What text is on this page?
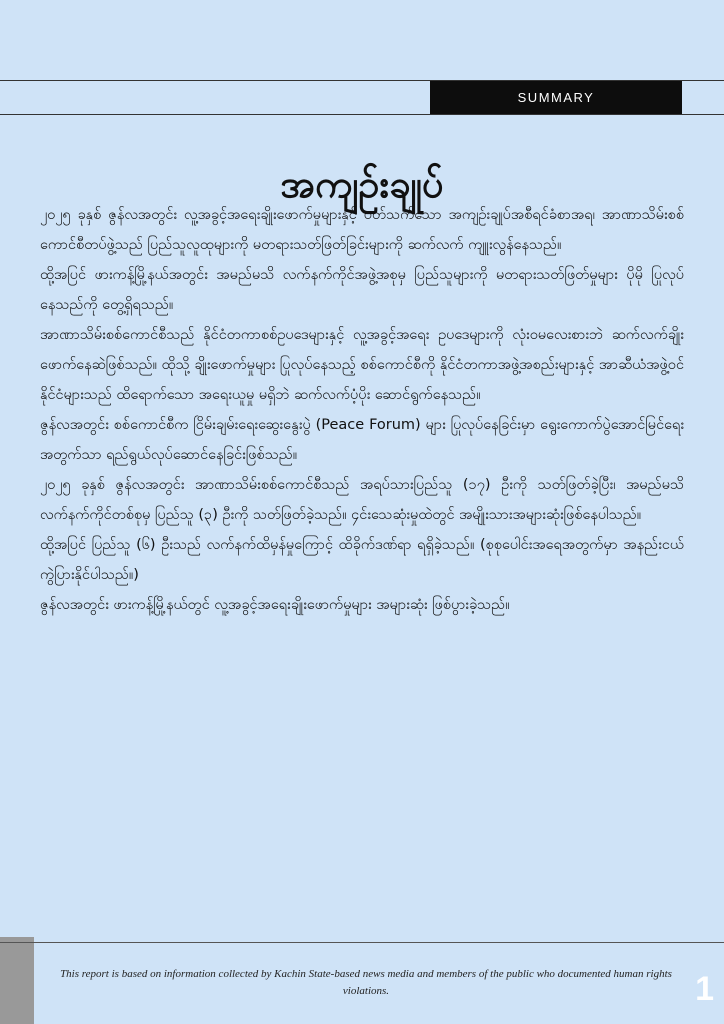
SUMMARY
အကျဉ်းချုပ်

၂၀၂၅ ခုနှစ် ဇွန်လအတွင်း လူ့အခွင့်အရေးချိုးဖောက်မှုများနှင့် ပတ်သက်သော အကျဉ်းချုပ်အစီရင်ခံစာအရ၊ အာဏာသိမ်းစစ်ကောင်စီတပ်ဖွဲ့သည် ပြည်သူလူထုများကို မတရားသတ်ဖြတ်ခြင်းများကို ဆက်လက် ကျူးလွန်နေသည်။

ထို့အပြင် ဖားကန့်မြို့နယ်အတွင်း အမည်မသိ လက်နက်ကိုင်အဖွဲ့အစုမှ ပြည်သူများကို မတရားသတ်ဖြတ်မှုများ ပိုမို ပြုလုပ်နေသည်ကို တွေ့ရှိရသည်။

အာဏာသိမ်းစစ်ကောင်စီသည် နိုင်ငံတကာစစ်ဥပဒေများနှင့် လူ့အခွင့်အရေး ဥပဒေများကို လုံးဝမလေးစားဘဲ ဆက်လက်ချိုးဖောက်နေဆဲဖြစ်သည်။ ထိုသို့ ချိုးဖောက်မှုများ ပြုလုပ်နေသည့် စစ်ကောင်စီကို နိုင်ငံတကာအဖွဲ့အစည်းများနှင့် အာဆီယံအဖွဲ့ဝင်နိုင်ငံများသည် ထိရောက်သော အရေးယူမှု မရှိဘဲ ဆက်လက်ပံ့ပိုး ဆောင်ရွက်နေသည်။

ဇွန်လအတွင်း စစ်ကောင်စီက ငြိမ်းချမ်းရေးဆွေးနွေးပွဲ (Peace Forum) များ ပြုလုပ်နေခြင်းမှာ ရွေးကောက်ပွဲအောင်မြင်ရေး အတွက်သာ ရည်ရွယ်လုပ်ဆောင်နေခြင်းဖြစ်သည်။

၂၀၂၅ ခုနှစ် ဇွန်လအတွင်း အာဏာသိမ်းစစ်ကောင်စီသည် အရပ်သားပြည်သူ (၁၇) ဦးကို သတ်ဖြတ်ခဲ့ပြီး၊ အမည်မသိ လက်နက်ကိုင်တစ်စုမှ ပြည်သူ (၃) ဦးကို သတ်ဖြတ်ခဲ့သည်။ ၄င်းသေဆုံးမှုထဲတွင် အမျိုးသားအများဆုံးဖြစ်နေပါသည်။

ထို့အပြင် ပြည်သူ (၆) ဦးသည် လက်နက်ထိမှန်မှုကြောင့် ထိခိုက်ဒဏ်ရာ ရရှိခဲ့သည်။ (စုစုပေါင်းအရေအတွက်မှာ အနည်းငယ်ကွဲပြားနိုင်ပါသည်။)

ဇွန်လအတွင်း ဖားကန့်မြို့နယ်တွင် လူ့အခွင့်အရေးချိုးဖောက်မှုများ အများဆုံး ဖြစ်ပွားခဲ့သည်။

This report is based on information collected by Kachin State-based news media and members of the public who documented human rights violations.	1
